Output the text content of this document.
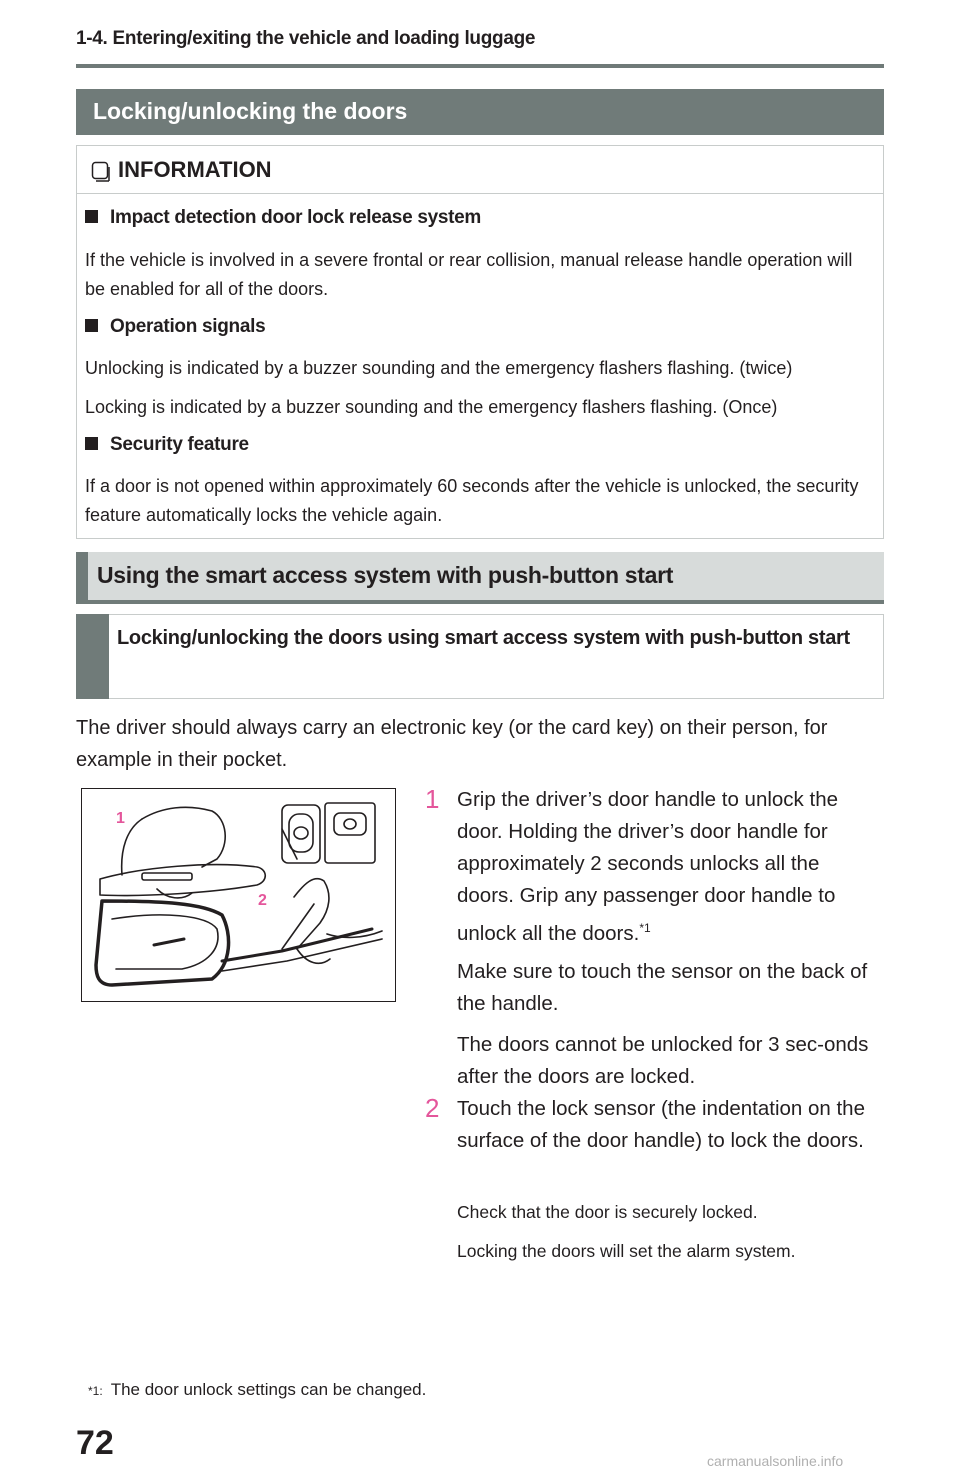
1-4. Entering/exiting the vehicle and loading luggage
Locking/unlocking the doors
INFORMATION
Impact detection door lock release system
If the vehicle is involved in a severe frontal or rear collision, manual release handle operation will be enabled for all of the doors.
Operation signals
Unlocking is indicated by a buzzer sounding and the emergency flashers flashing. (twice)
Locking is indicated by a buzzer sounding and the emergency flashers flashing. (Once)
Security feature
If a door is not opened within approximately 60 seconds after the vehicle is unlocked, the security feature automatically locks the vehicle again.
Using the smart access system with push-button start
Locking/unlocking the doors using smart access system with push-button start
The driver should always carry an electronic key (or the card key) on their person, for example in their pocket.
1
2
1 Grip the driver’s door handle to unlock the door. Holding the driver’s door handle for approximately 2 seconds unlocks all the doors. Grip any passenger door handle to unlock all the doors.$^{*1}$
Make sure to touch the sensor on the back of the handle.
The doors cannot be unlocked for 3 sec-onds after the doors are locked.
2 Touch the lock sensor (the indentation on the surface of the door handle) to lock the doors.
Check that the door is securely locked.
Locking the doors will set the alarm system.
*1: The door unlock settings can be changed.
72	carmanualsonline.info
